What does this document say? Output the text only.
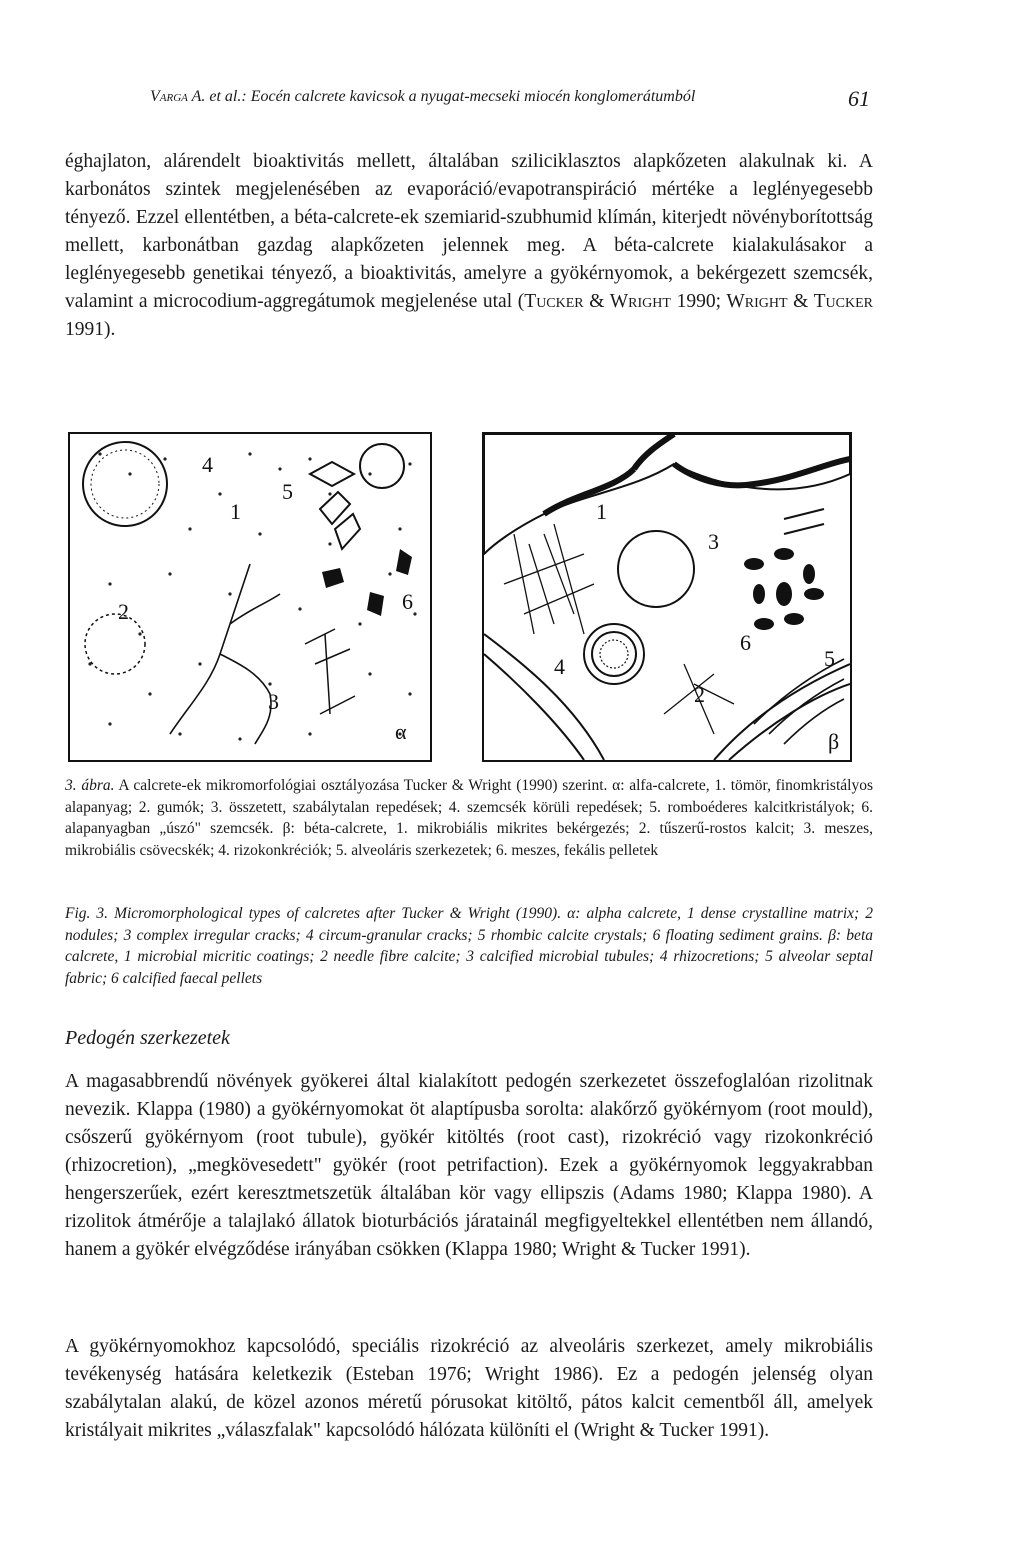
Varga A. et al.: Eocén calcrete kavicsok a nyugat-mecseki miocén konglomerátumból	61
éghajlaton, alárendelt bioaktivitás mellett, általában sziliciklasztos alapkőzeten alakulnak ki. A karbonátos szintek megjelenésében az evaporáció/evapotranspiráció mértéke a leglényegesebb tényező. Ezzel ellentétben, a béta-calcrete-ek szemiarid-szubhumid klímán, kiterjedt növényborítottság mellett, karbonátban gazdag alapkőzeten jelennek meg. A béta-calcrete kialakulásakor a leglényegesebb genetikai tényező, a bioaktivitás, amelyre a gyökérnyomok, a bekérgezett szemcsék, valamint a microcodium-aggregátumok megjelenése utal (Tucker & Wright 1990; Wright & Tucker 1991).
1
2
3
4
5
6
α
1
2
3
4	5
6
β
3. ábra. A calcrete-ek mikromorfológiai osztályozása Tucker & Wright (1990) szerint. α: alfa-calcrete, 1. tömör, finomkristályos alapanyag; 2. gumók; 3. összetett, szabálytalan repedések; 4. szemcsék körüli repedések; 5. romboéderes kalcitkristályok; 6. alapanyagban „úszó" szemcsék. β: béta-calcrete, 1. mikrobiális mikrites bekérgezés; 2. tűszerű-rostos kalcit; 3. meszes, mikrobiális csövecskék; 4. rizokonkréciók; 5. alveoláris szerkezetek; 6. meszes, fekális pelletek
Fig. 3. Micromorphological types of calcretes after Tucker & Wright (1990). α: alpha calcrete, 1 dense crystalline matrix; 2 nodules; 3 complex irregular cracks; 4 circum-granular cracks; 5 rhombic calcite crystals; 6 floating sediment grains. β: beta calcrete, 1 microbial micritic coatings; 2 needle fibre calcite; 3 calcified microbial tubules; 4 rhizocretions; 5 alveolar septal fabric; 6 calcified faecal pellets
Pedogén szerkezetek
A magasabbrendű növények gyökerei által kialakított pedogén szerkezetet összefoglalóan rizolitnak nevezik. Klappa (1980) a gyökérnyomokat öt alaptípusba sorolta: alakőrző gyökérnyom (root mould), csőszerű gyökérnyom (root tubule), gyökér kitöltés (root cast), rizokréció vagy rizokonkréció (rhizocretion), „megkövesedett" gyökér (root petrifaction). Ezek a gyökérnyomok leggyakrabban hengerszerűek, ezért keresztmetszetük általában kör vagy ellipszis (Adams 1980; Klappa 1980). A rizolitok átmérője a talajlakó állatok bioturbációs járatainál megfigyeltekkel ellentétben nem állandó, hanem a gyökér elvégződése irányában csökken (Klappa 1980; Wright & Tucker 1991).
A gyökérnyomokhoz kapcsolódó, speciális rizokréció az alveoláris szerkezet, amely mikrobiális tevékenység hatására keletkezik (Esteban 1976; Wright 1986). Ez a pedogén jelenség olyan szabálytalan alakú, de közel azonos méretű pórusokat kitöltő, pátos kalcit cementből áll, amelyek kristályait mikrites „válaszfalak" kapcsolódó hálózata különíti el (Wright & Tucker 1991).
